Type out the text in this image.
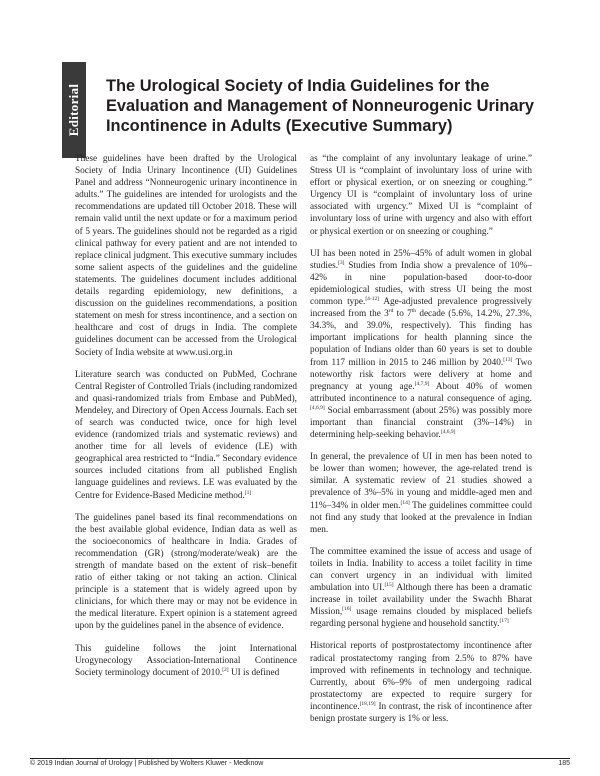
Editorial The Urological Society of India Guidelines for the Evaluation and Management of Nonneurogenic Urinary Incontinence in Adults (Executive Summary)

These guidelines have been drafted by the Urological Society of India Urinary Incontinence (UI) Guidelines Panel and address “Nonneurogenic urinary incontinence in adults.” The guidelines are intended for urologists and the recommendations are updated till October 2018. These will remain valid until the next update or for a maximum period of 5 years. The guidelines should not be regarded as a rigid clinical pathway for every patient and are not intended to replace clinical judgment. This executive summary includes some salient aspects of the guidelines and the guideline statements. The guidelines document includes additional details regarding epidemiology, new definitions, a discussion on the guidelines recommendations, a position statement on mesh for stress incontinence, and a section on healthcare and cost of drugs in India. The complete guidelines document can be accessed from the Urological Society of India website at www.usi.org.in

Literature search was conducted on PubMed, Cochrane Central Register of Controlled Trials (including randomized and quasi-randomized trials from Embase and PubMed), Mendeley, and Directory of Open Access Journals. Each set of search was conducted twice, once for high level evidence (randomized trials and systematic reviews) and another time for all levels of evidence (LE) with geographical area restricted to “India.” Secondary evidence sources included citations from all published English language guidelines and reviews. LE was evaluated by the Centre for Evidence-Based Medicine method.[1]

The guidelines panel based its final recommendations on the best available global evidence, Indian data as well as the socioeconomics of healthcare in India. Grades of recommendation (GR) (strong/moderate/weak) are the strength of mandate based on the extent of risk–benefit ratio of either taking or not taking an action. Clinical principle is a statement that is widely agreed upon by clinicians, for which there may or may not be evidence in the medical literature. Expert opinion is a statement agreed upon by the guidelines panel in the absence of evidence.

This guideline follows the joint International Urogynecology Association-International Continence Society terminology document of 2010.[2] UI is defined

as “the complaint of any involuntary leakage of urine.” Stress UI is “complaint of involuntary loss of urine with effort or physical exertion, or on sneezing or coughing.” Urgency UI is “complaint of involuntary loss of urine associated with urgency.” Mixed UI is “complaint of involuntary loss of urine with urgency and also with effort or physical exertion or on sneezing or coughing.”

UI has been noted in 25%–45% of adult women in global studies.[3] Studies from India show a prevalence of 10%–42% in nine population-based door-to-door epidemiological studies, with stress UI being the most common type.[4-12] Age-adjusted prevalence progressively increased from the 3rd to 7th decade (5.6%, 14.2%, 27.3%, 34.3%, and 39.0%, respectively). This finding has important implications for health planning since the population of Indians older than 60 years is set to double from 117 million in 2015 to 246 million by 2040.[13] Two noteworthy risk factors were delivery at home and pregnancy at young age.[4,7,9] About 40% of women attributed incontinence to a natural consequence of aging.[4,6,9] Social embarrassment (about 25%) was possibly more important than financial constraint (3%–14%) in determining help-seeking behavior.[4,6,9]

In general, the prevalence of UI in men has been noted to be lower than women; however, the age-related trend is similar. A systematic review of 21 studies showed a prevalence of 3%–5% in young and middle-aged men and 11%–34% in older men.[14] The guidelines committee could not find any study that looked at the prevalence in Indian men.

The committee examined the issue of access and usage of toilets in India. Inability to access a toilet facility in time can convert urgency in an individual with limited ambulation into UI.[15] Although there has been a dramatic increase in toilet availability under the Swachh Bharat Mission,[16] usage remains clouded by misplaced beliefs regarding personal hygiene and household sanctity.[17]

Historical reports of postprostatectomy incontinence after radical prostatectomy ranging from 2.5% to 87% have improved with refinements in technology and technique. Currently, about 6%–9% of men undergoing radical prostatectomy are expected to require surgery for incontinence.[18,19] In contrast, the risk of incontinence after benign prostate surgery is 1% or less.

© 2019 Indian Journal of Urology | Published by Wolters Kluwer - Medknow	185
